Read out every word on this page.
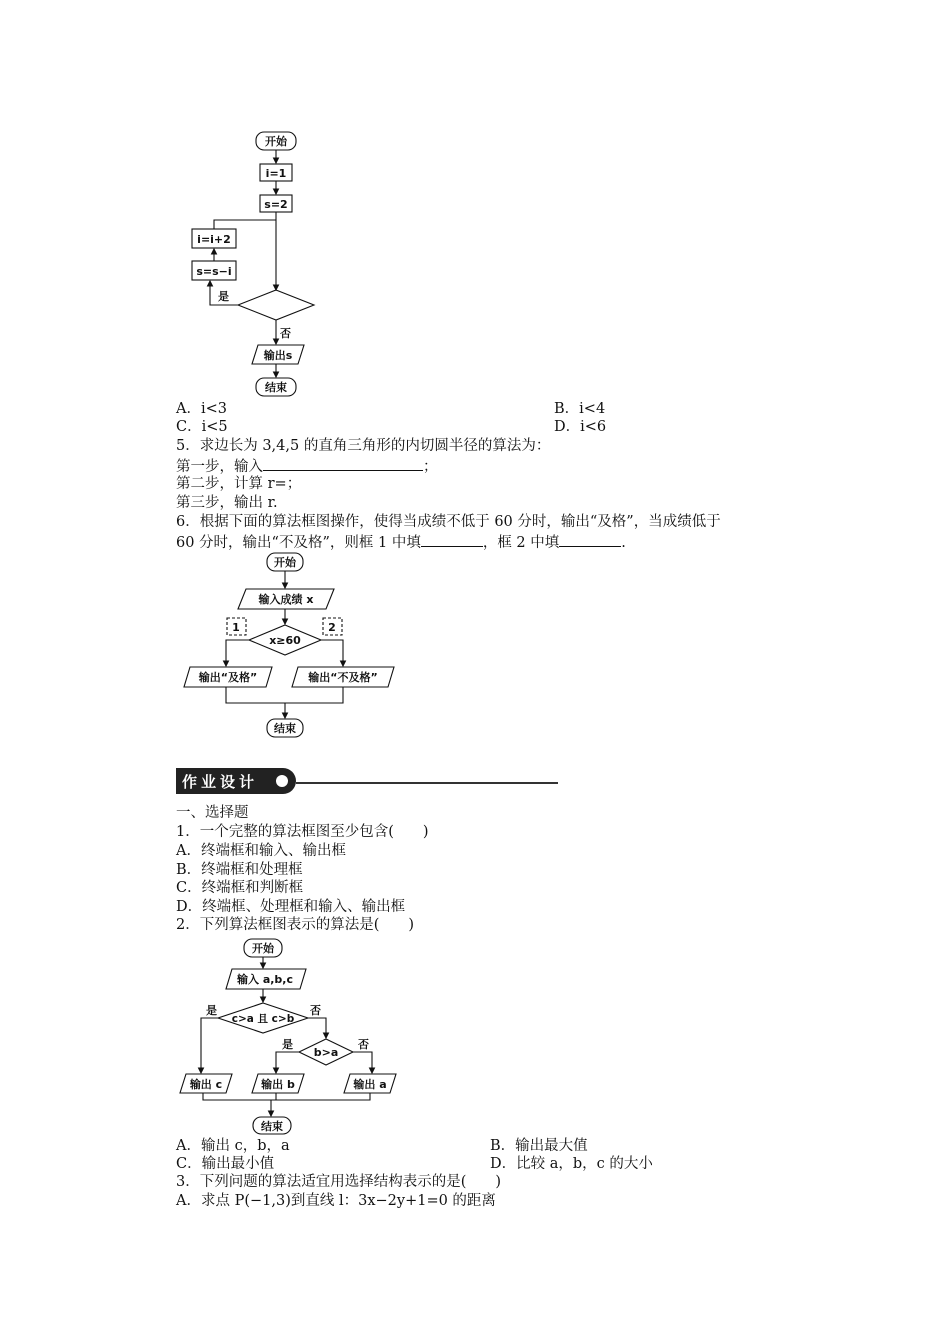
开始
i=1
s=2
i=i+2
s=s−i
是
否
输出s
结束
A．i<3	B．i<4
C．i<5	D．i<6
5．求边长为 3,4,5 的直角三角形的内切圆半径的算法为：
第一步，输入	；
第二步，计算 r=；
第三步，输出 r.
6．根据下面的算法框图操作，使得当成绩不低于 60 分时，输出“及格”，当成绩低于
60 分时，输出“不及格”，则框 1 中填	，框 2 中填	.
开始
输入成绩 x
1	2
x≥60
输出“及格”	输出“不及格”
结束
作业设计
一、选择题
1．一个完整的算法框图至少包含(　　)
A．终端框和输入、输出框
B．终端框和处理框
C．终端框和判断框
D．终端框、处理框和输入、输出框
2．下列算法框图表示的算法是(　　)
开始
输入 a,b,c
c>a 且 c>b
是	否
b>a
是	否
输出 c	输出 b	输出 a
结束
A．输出 c，b，a	B．输出最大值
C．输出最小值	D．比较 a，b，c 的大小
3．下列问题的算法适宜用选择结构表示的是(　　)
A．求点 P(−1,3)到直线 l：3x−2y+1=0 的距离
